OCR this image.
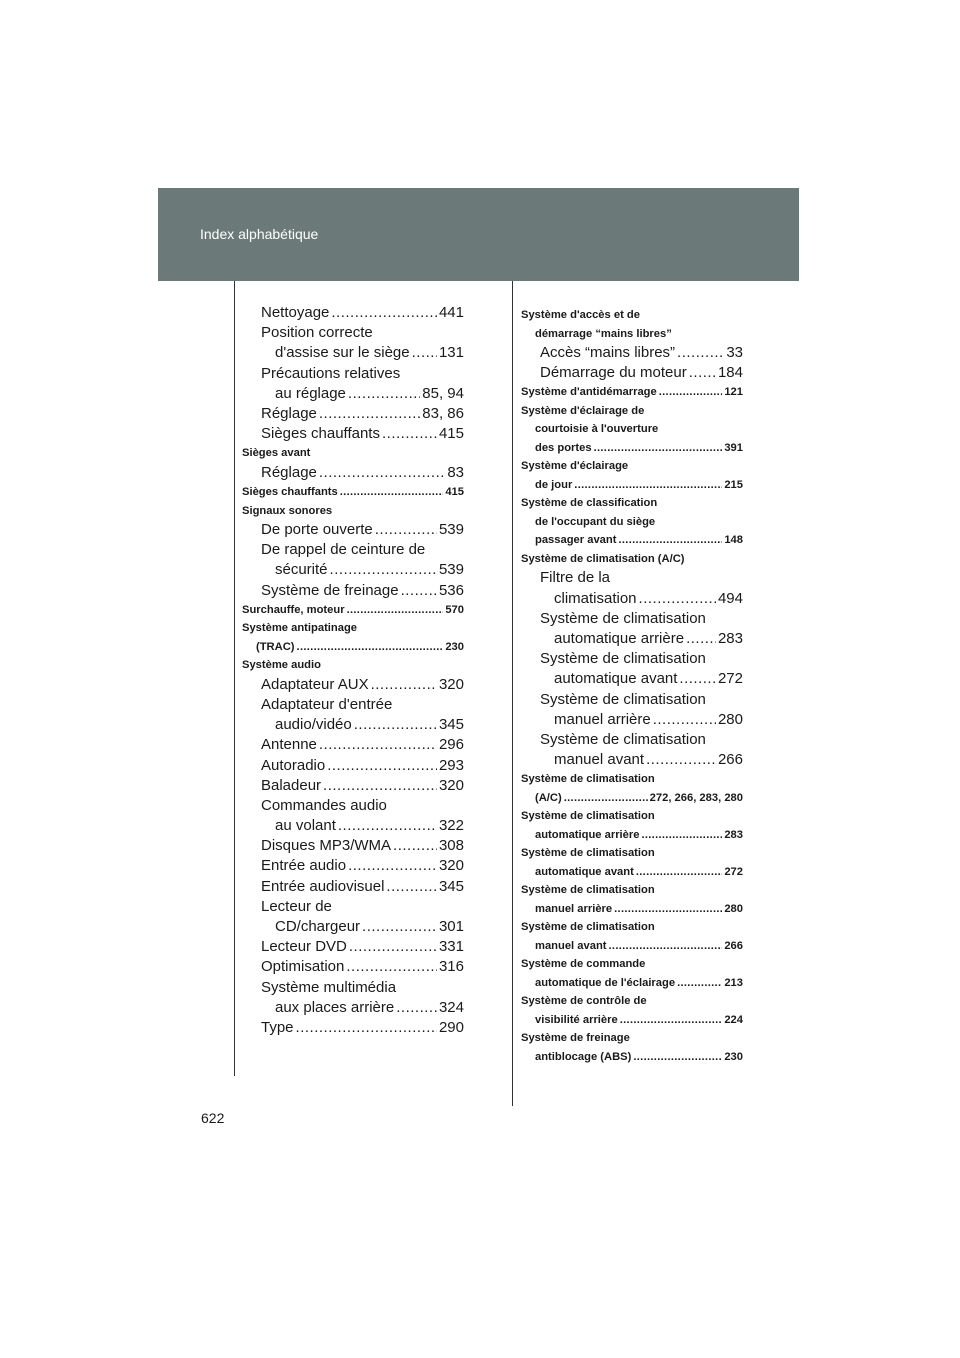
Index alphabétique
Nettoyage .....	441
Position correcte
d'assise sur le siège ..... 131
Précautions relatives
au réglage .....	85, 94
Réglage .....	83, 86
Sièges chauffants .....	415
Sièges avant
Réglage .....	83
Sièges chauffants .....	415
Signaux sonores
De porte ouverte .....	539
De rappel de ceinture de
sécurité .....	539
Système de freinage .....	536
Surchauffe, moteur .....	570
Système antipatinage
(TRAC) .....	230
Système audio
Adaptateur AUX .....	320
Adaptateur d'entrée
audio/vidéo .....	345
Antenne .....	296
Autoradio .....	293
Baladeur .....	320
Commandes audio
au volant .....	322
Disques MP3/WMA .....	308
Entrée audio .....	320
Entrée audiovisuel .....	345
Lecteur de
CD/chargeur .....	301
Lecteur DVD .....	331
Optimisation .....	316
Système multimédia
aux places arrière .....	324
Type .....	290
Système d'accès et de
démarrage “mains libres”
Accès “mains libres” .....	33
Démarrage du moteur ..... 184
Système d'antidémarrage .....	121
Système d'éclairage de
courtoisie à l'ouverture
des portes .....	391
Système d'éclairage
de jour .....	215
Système de classification
de l'occupant du siège
passager avant .....	148
Système de climatisation (A/C)
Filtre de la
climatisation .....	494
Système de climatisation
automatique arrière ..... 283
Système de climatisation
automatique avant .....	272
Système de climatisation
manuel arrière .....	280
Système de climatisation
manuel avant .....	266
Système de climatisation
(A/C) .....	272, 266, 283, 280
Système de climatisation
automatique arrière .....	283
Système de climatisation
automatique avant .....	272
Système de climatisation
manuel arrière .....	280
Système de climatisation
manuel avant .....	266
Système de commande
automatique de l'éclairage .....	213
Système de contrôle de
visibilité arrière .....	224
Système de freinage
antiblocage (ABS) .....	230
622
